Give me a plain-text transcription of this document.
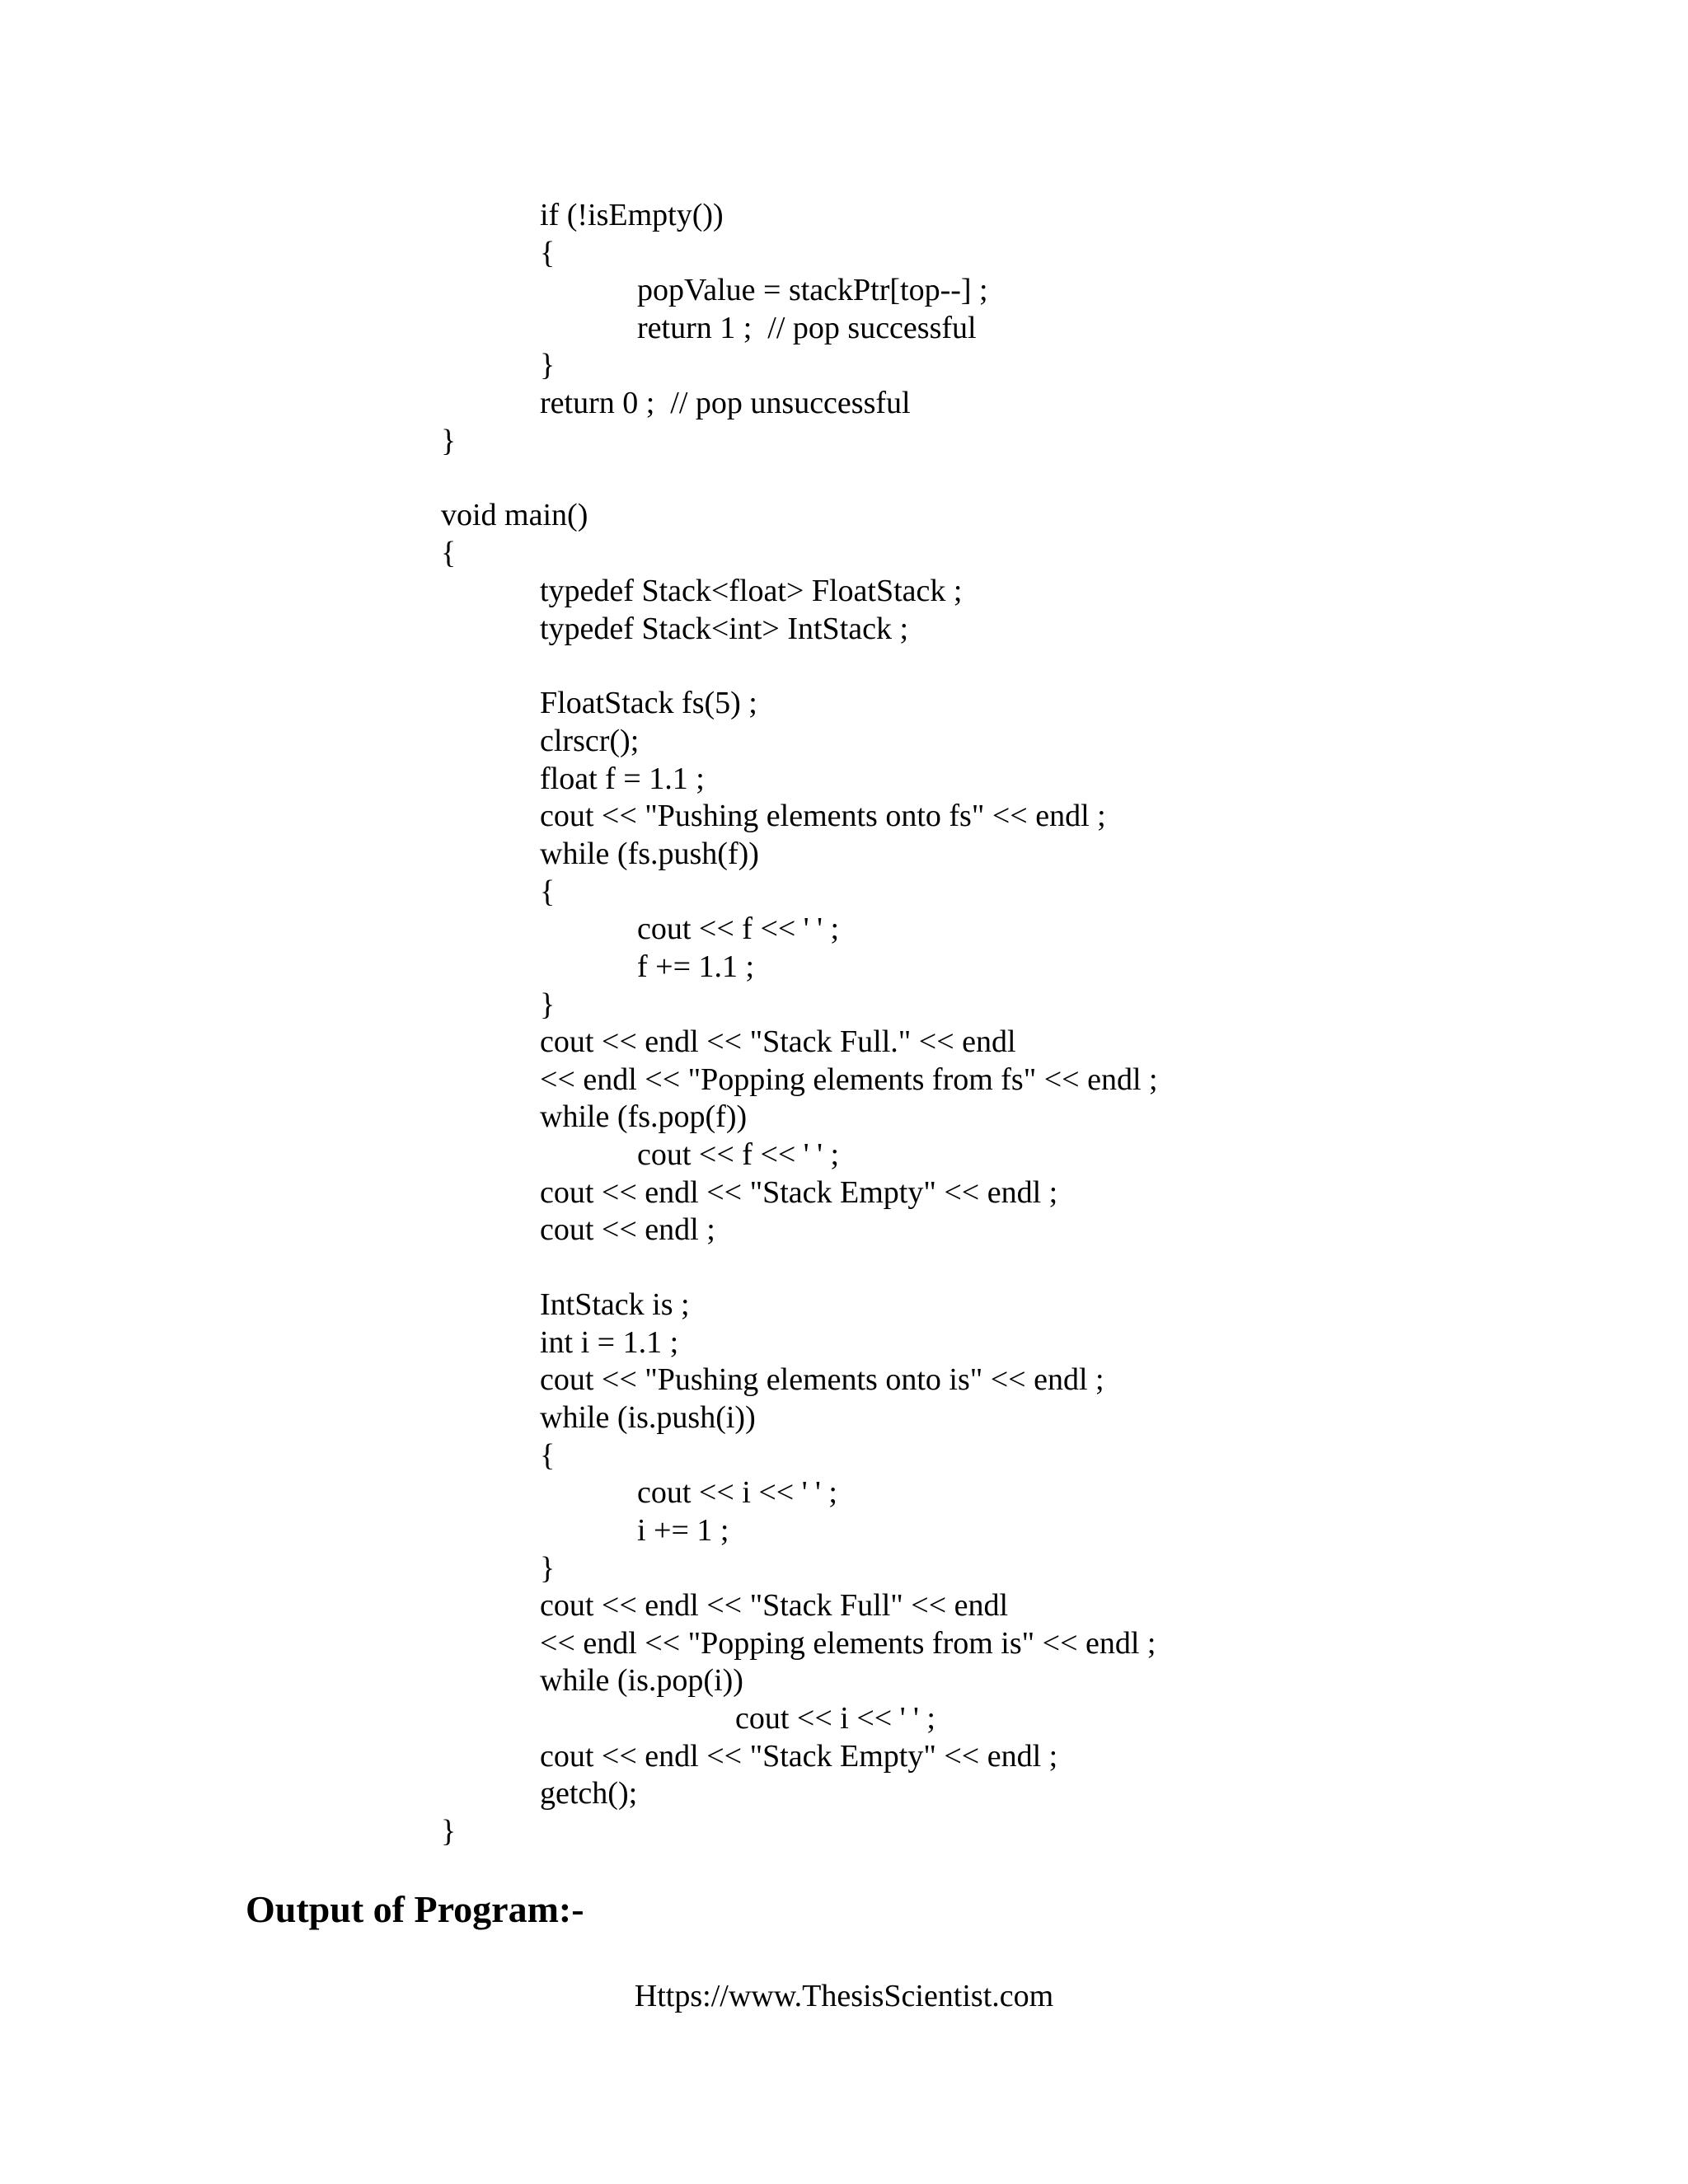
if (!isEmpty())
{
popValue = stackPtr[top--] ;
return 1 ;  // pop successful
}
return 0 ;  // pop unsuccessful
}
void main()
{
typedef Stack<float> FloatStack ;
typedef Stack<int> IntStack ;
FloatStack fs(5) ;
clrscr();
float f = 1.1 ;
cout << "Pushing elements onto fs" << endl ;
while (fs.push(f))
{
cout << f << ' ' ;
f += 1.1 ;
}
cout << endl << "Stack Full." << endl
<< endl << "Popping elements from fs" << endl ;
while (fs.pop(f))
cout << f << ' ' ;
cout << endl << "Stack Empty" << endl ;
cout << endl ;
IntStack is ;
int i = 1.1 ;
cout << "Pushing elements onto is" << endl ;
while (is.push(i))
{
cout << i << ' ' ;
i += 1 ;
}
cout << endl << "Stack Full" << endl
<< endl << "Popping elements from is" << endl ;
while (is.pop(i))
cout << i << ' ' ;
cout << endl << "Stack Empty" << endl ;
getch();
}
Output of Program:-
Https://www.ThesisScientist.com
